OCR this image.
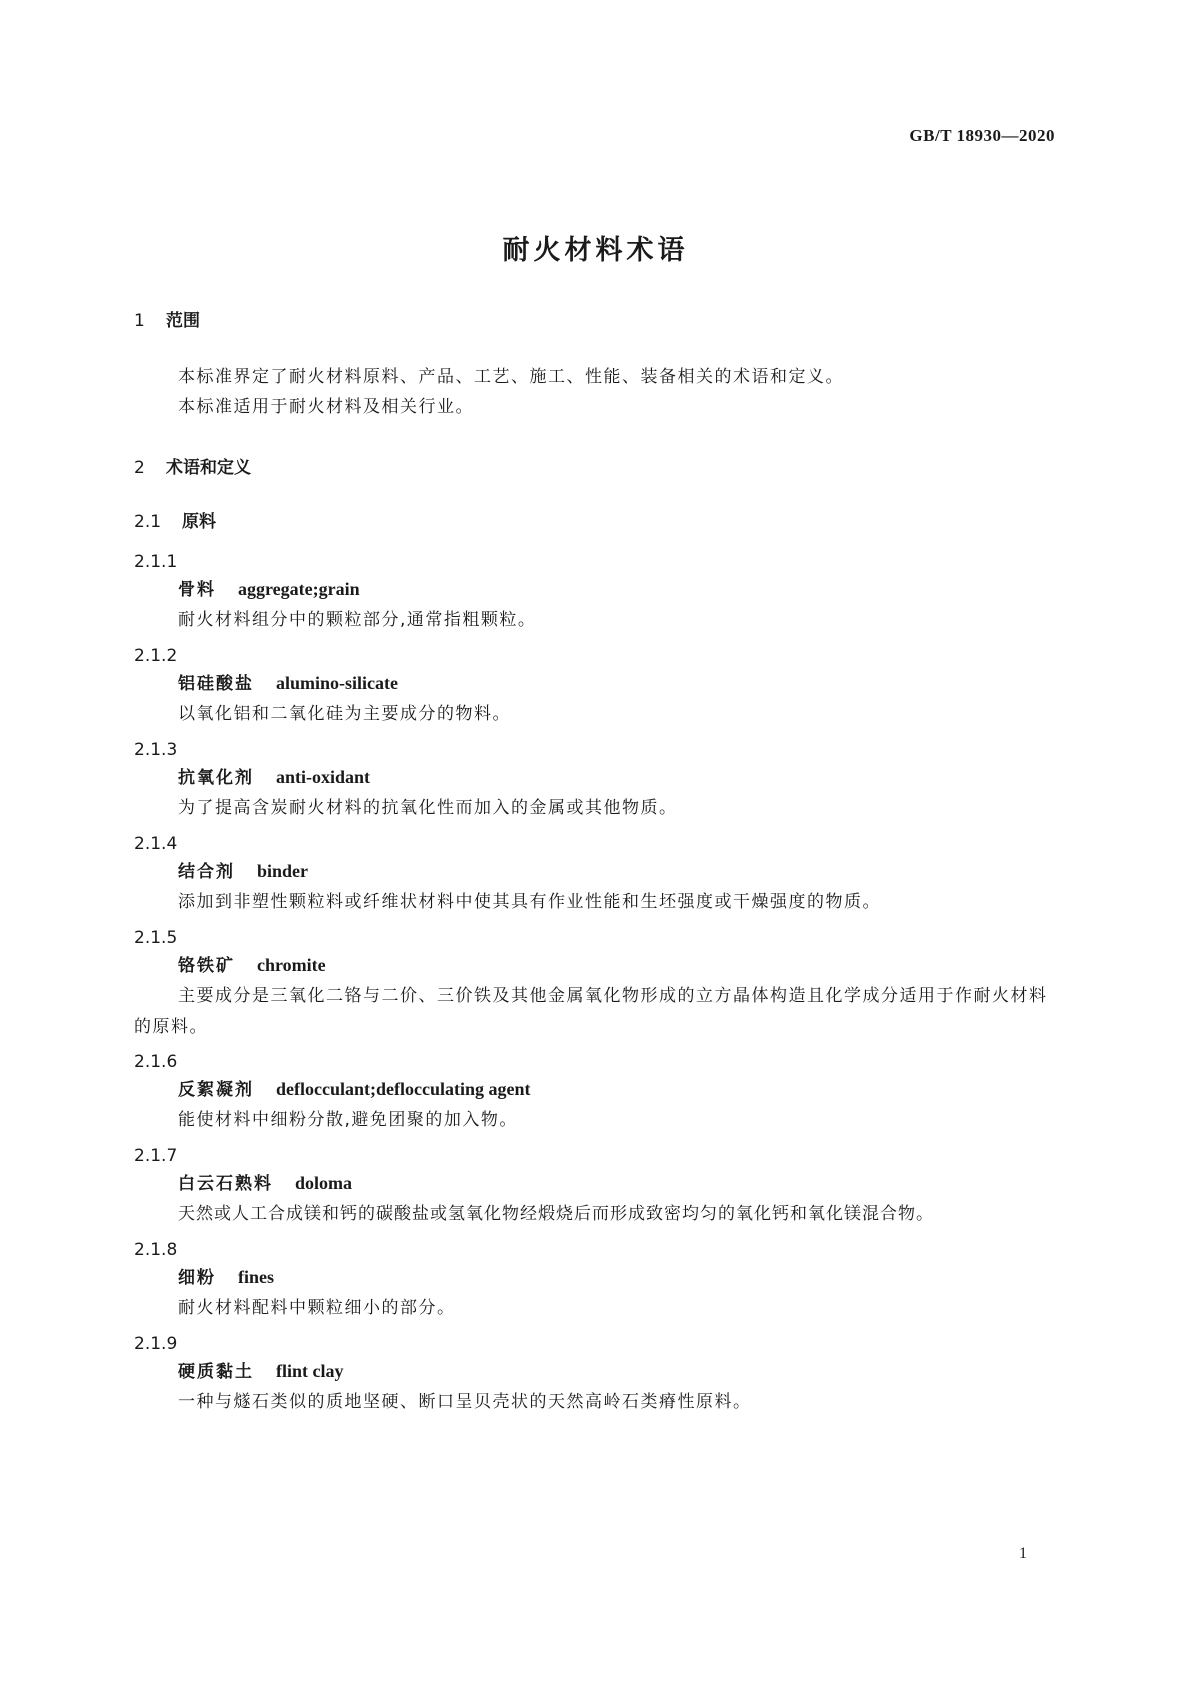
GB/T 18930—2020
耐火材料术语
1 范围
本标准界定了耐火材料原料、产品、工艺、施工、性能、装备相关的术语和定义。
本标准适用于耐火材料及相关行业。
2 术语和定义
2.1 原料
2.1.1
骨料 aggregate;grain
耐火材料组分中的颗粒部分,通常指粗颗粒。
2.1.2
铝硅酸盐 alumino-silicate
以氧化铝和二氧化硅为主要成分的物料。
2.1.3
抗氧化剂 anti-oxidant
为了提高含炭耐火材料的抗氧化性而加入的金属或其他物质。
2.1.4
结合剂 binder
添加到非塑性颗粒料或纤维状材料中使其具有作业性能和生坯强度或干燥强度的物质。
2.1.5
铬铁矿 chromite
主要成分是三氧化二铬与二价、三价铁及其他金属氧化物形成的立方晶体构造且化学成分适用于作耐火材料的原料。
2.1.6
反絮凝剂 deflocculant;deflocculating agent
能使材料中细粉分散,避免团聚的加入物。
2.1.7
白云石熟料 doloma
天然或人工合成镁和钙的碳酸盐或氢氧化物经煅烧后而形成致密均匀的氧化钙和氧化镁混合物。
2.1.8
细粉 fines
耐火材料配料中颗粒细小的部分。
2.1.9
硬质黏土 flint clay
一种与燧石类似的质地坚硬、断口呈贝壳状的天然高岭石类瘠性原料。
1
